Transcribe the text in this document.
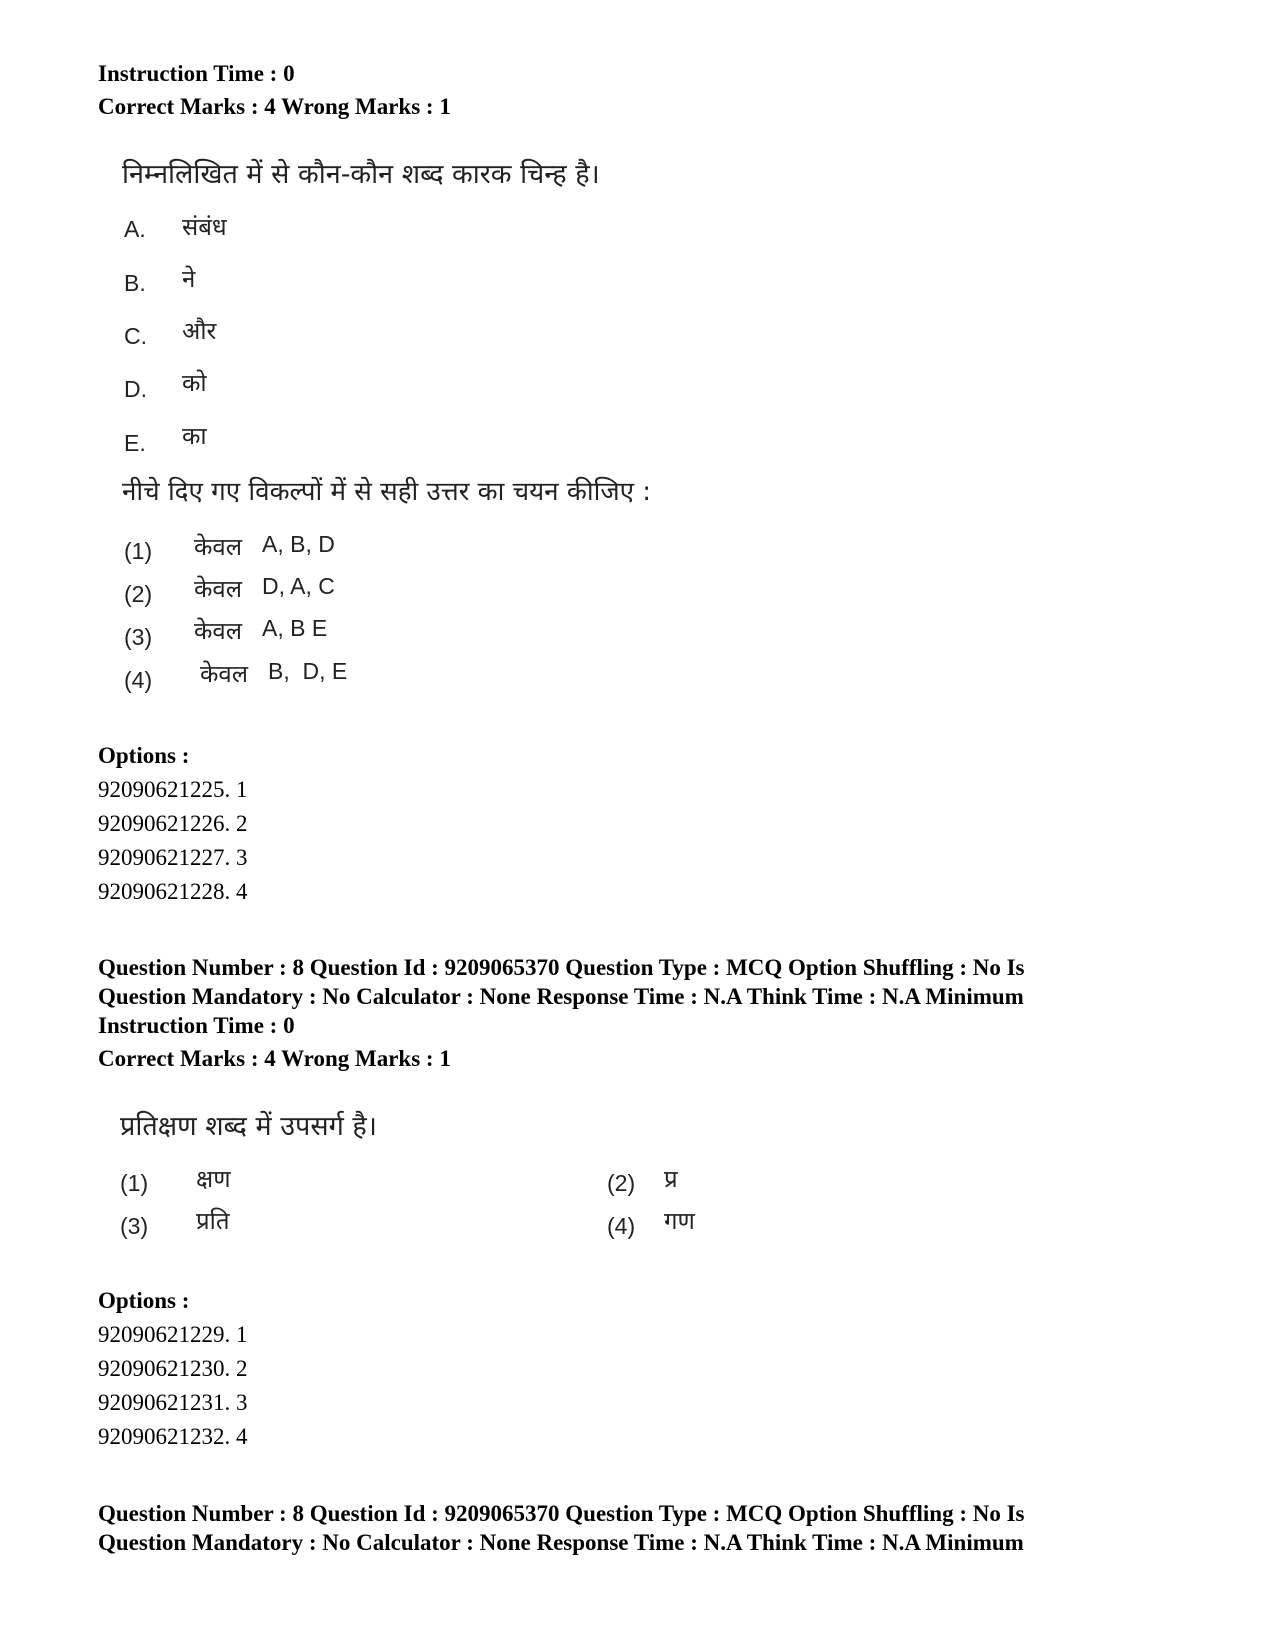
Instruction Time : 0
Correct Marks : 4 Wrong Marks : 1
निम्नलिखित में से कौन-कौन शब्द कारक चिन्ह है।
A. संबंध
B. ने
C. और
D. को
E. का
नीचे दिए गए विकल्पों में से सही उत्तर का चयन कीजिए :
(1) केवल A, B, D
(2) केवल D, A, C
(3) केवल A, B E
(4) केवल B,  D, E
Options :
92090621225. 1
92090621226. 2
92090621227. 3
92090621228. 4
Question Number : 8 Question Id : 9209065370 Question Type : MCQ Option Shuffling : No Is
Question Mandatory : No Calculator : None Response Time : N.A Think Time : N.A Minimum
Instruction Time : 0
Correct Marks : 4 Wrong Marks : 1
प्रतिक्षण शब्द में उपसर्ग है।
(1) क्षण	(2) प्र
(3) प्रति	(4) गण
Options :
92090621229. 1
92090621230. 2
92090621231. 3
92090621232. 4
Question Number : 8 Question Id : 9209065370 Question Type : MCQ Option Shuffling : No Is
Question Mandatory : No Calculator : None Response Time : N.A Think Time : N.A Minimum
